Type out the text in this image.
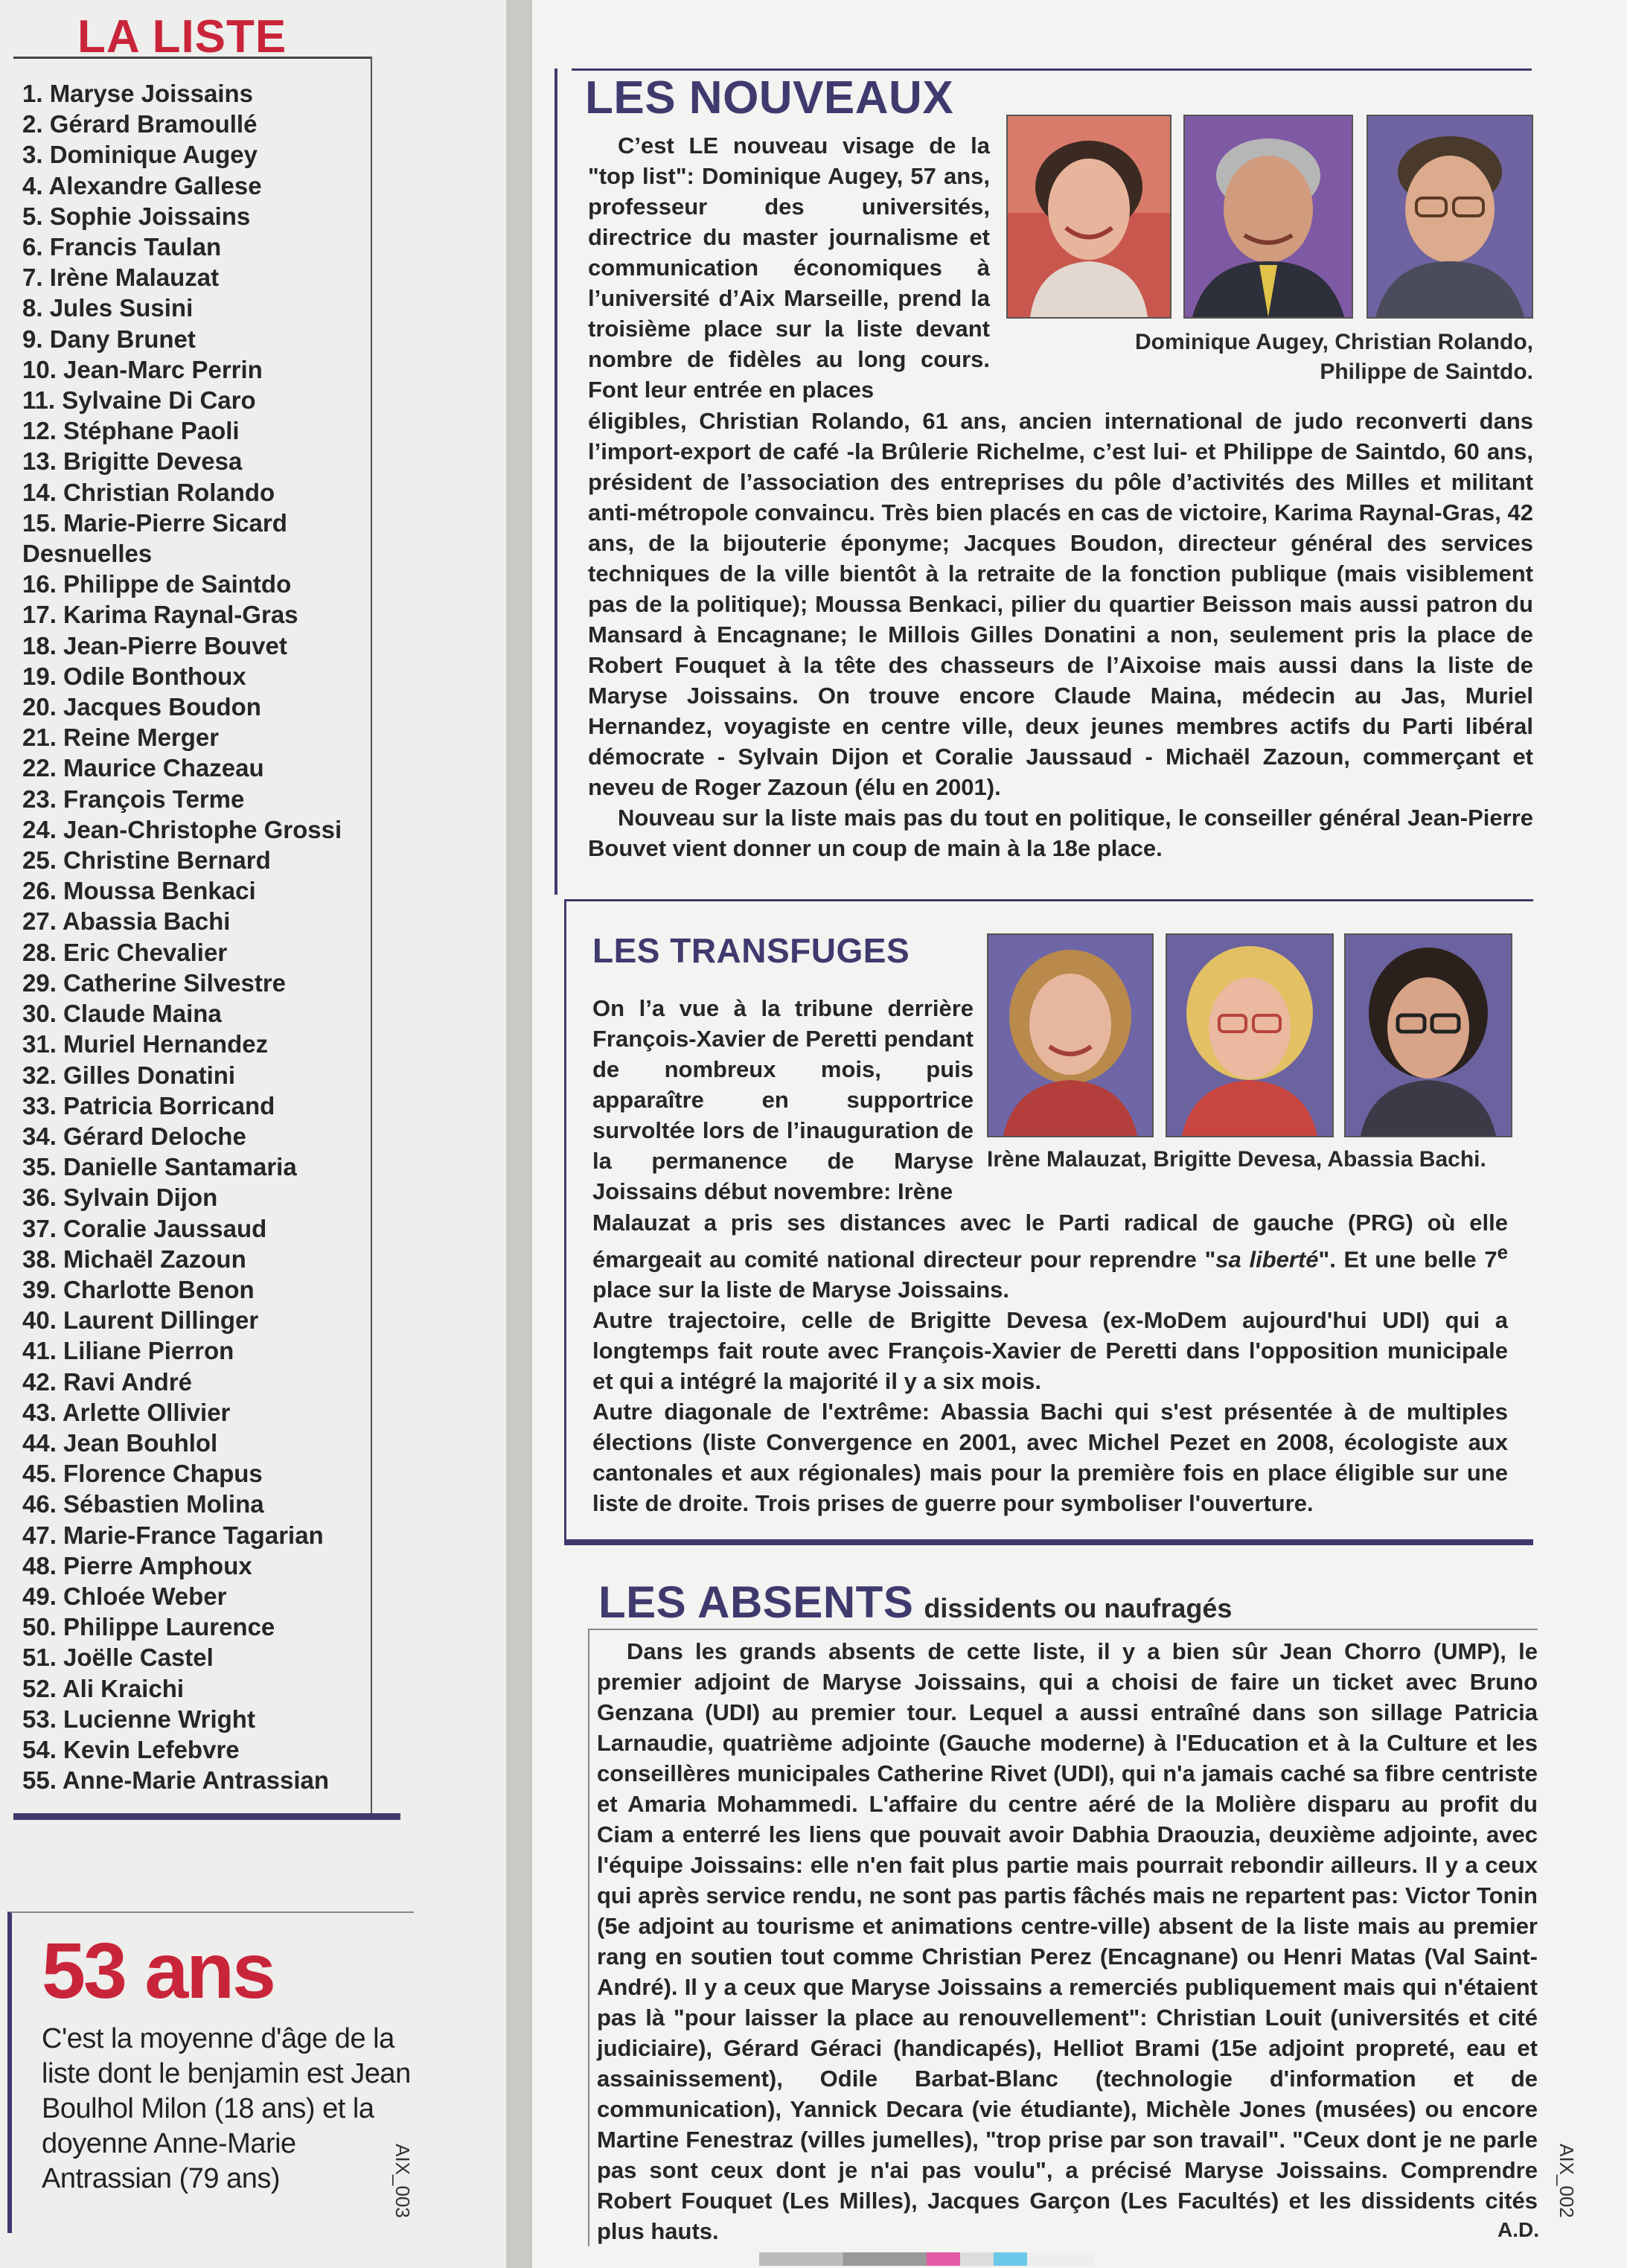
LA LISTE
1. Maryse Joissains
2. Gérard Bramoullé
3. Dominique Augey
4. Alexandre Gallese
5. Sophie Joissains
6. Francis Taulan
7. Irène Malauzat
8. Jules Susini
9. Dany Brunet
10. Jean-Marc Perrin
11. Sylvaine Di Caro
12. Stéphane Paoli
13. Brigitte Devesa
14. Christian Rolando
15. Marie-Pierre Sicard
Desnuelles
16. Philippe de Saintdo
17. Karima Raynal-Gras
18. Jean-Pierre Bouvet
19. Odile Bonthoux
20. Jacques Boudon
21. Reine Merger
22. Maurice Chazeau
23. François Terme
24. Jean-Christophe Grossi
25. Christine Bernard
26. Moussa Benkaci
27. Abassia Bachi
28. Eric Chevalier
29. Catherine Silvestre
30. Claude Maina
31. Muriel Hernandez
32. Gilles Donatini
33. Patricia Borricand
34. Gérard Deloche
35. Danielle Santamaria
36. Sylvain Dijon
37. Coralie Jaussaud
38. Michaël Zazoun
39. Charlotte Benon
40. Laurent Dillinger
41. Liliane Pierron
42. Ravi André
43. Arlette Ollivier
44. Jean Bouhlol
45. Florence Chapus
46. Sébastien Molina
47. Marie-France Tagarian
48. Pierre Amphoux
49. Chloée Weber
50. Philippe Laurence
51. Joëlle Castel
52. Ali Kraichi
53. Lucienne Wright
54. Kevin Lefebvre
55. Anne-Marie Antrassian

53 ans

C'est la moyenne d'âge de la liste dont le benjamin est Jean Boulhol Milon (18 ans) et la doyenne Anne-Marie Antrassian (79 ans)	AIX_003
LES NOUVEAUX

Dominique Augey, Christian Rolando, Philippe de Saintdo.

C’est LE nouveau visage de la "top list": Dominique Augey, 57 ans, professeur des universités, directrice du master journalisme et communication économiques à l’université d’Aix Marseille, prend la troisième place sur la liste devant nombre de fidèles au long cours. Font leur entrée en places

éligibles, Christian Rolando, 61 ans, ancien international de judo reconverti dans l’import-export de café -la Brûlerie Richelme, c’est lui- et Philippe de Saintdo, 60 ans, président de l’association des entreprises du pôle d’activités des Milles et militant anti-métropole convaincu. Très bien placés en cas de victoire, Karima Raynal-Gras, 42 ans, de la bijouterie éponyme; Jacques Boudon, directeur général des services techniques de la ville bientôt à la retraite de la fonction publique (mais visiblement pas de la politique); Moussa Benkaci, pilier du quartier Beisson mais aussi patron du Mansard à Encagnane; le Millois Gilles Donatini a non, seulement pris la place de Robert Fouquet à la tête des chasseurs de l’Aixoise mais aussi dans la liste de Maryse Joissains. On trouve encore Claude Maina, médecin au Jas, Muriel Hernandez, voyagiste en centre ville, deux jeunes membres actifs du Parti libéral démocrate - Sylvain Dijon et Coralie Jaussaud - Michaël Zazoun, commerçant et neveu de Roger Zazoun (élu en 2001).

Nouveau sur la liste mais pas du tout en politique, le conseiller général Jean-Pierre Bouvet vient donner un coup de main à la 18e place.

LES TRANSFUGES

Irène Malauzat, Brigitte Devesa, Abassia Bachi.

On l’a vue à la tribune derrière François-Xavier de Peretti pendant de nombreux mois, puis apparaître en supportrice survoltée lors de l’inauguration de la permanence de Maryse Joissains début novembre: Irène

Malauzat a pris ses distances avec le Parti radical de gauche (PRG) où elle émargeait au comité national directeur pour reprendre "sa liberté". Et une belle 7e place sur la liste de Maryse Joissains.

Autre trajectoire, celle de Brigitte Devesa (ex-MoDem aujourd'hui UDI) qui a longtemps fait route avec François-Xavier de Peretti dans l'opposition municipale et qui a intégré la majorité il y a six mois.

Autre diagonale de l'extrême: Abassia Bachi qui s'est présentée à de multiples élections (liste Convergence en 2001, avec Michel Pezet en 2008, écologiste aux cantonales et aux régionales) mais pour la première fois en place éligible sur une liste de droite. Trois prises de guerre pour symboliser l'ouverture.

LES ABSENTS dissidents ou naufragés

Dans les grands absents de cette liste, il y a bien sûr Jean Chorro (UMP), le premier adjoint de Maryse Joissains, qui a choisi de faire un ticket avec Bruno Genzana (UDI) au premier tour. Lequel a aussi entraîné dans son sillage Patricia Larnaudie, quatrième adjointe (Gauche moderne) à l'Education et à la Culture et les conseillères municipales Catherine Rivet (UDI), qui n'a jamais caché sa fibre centriste et Amaria Mohammedi. L'affaire du centre aéré de la Molière disparu au profit du Ciam a enterré les liens que pouvait avoir Dabhia Draouzia, deuxième adjointe, avec l'équipe Joissains: elle n'en fait plus partie mais pourrait rebondir ailleurs. Il y a ceux qui après service rendu, ne sont pas partis fâchés mais ne repartent pas: Victor Tonin (5e adjoint au tourisme et animations centre-ville) absent de la liste mais au premier rang en soutien tout comme Christian Perez (Encagnane) ou Henri Matas (Val Saint-André). Il y a ceux que Maryse Joissains a remerciés publiquement mais qui n'étaient pas là "pour laisser la place au renouvellement": Christian Louit (universités et cité judiciaire), Gérard Géraci (handicapés), Helliot Brami (15e adjoint propreté, eau et assainissement), Odile Barbat-Blanc (technologie d'information et de communication), Yannick Decara (vie étudiante), Michèle Jones (musées) ou encore Martine Fenestraz (villes jumelles), "trop prise par son travail". "Ceux dont je ne parle pas sont ceux dont je n'ai pas voulu", a précisé Maryse Joissains. Comprendre Robert Fouquet (Les Milles), Jacques Garçon (Les Facultés) et les dissidents cités plus hauts.	A.D.
AIX_002
